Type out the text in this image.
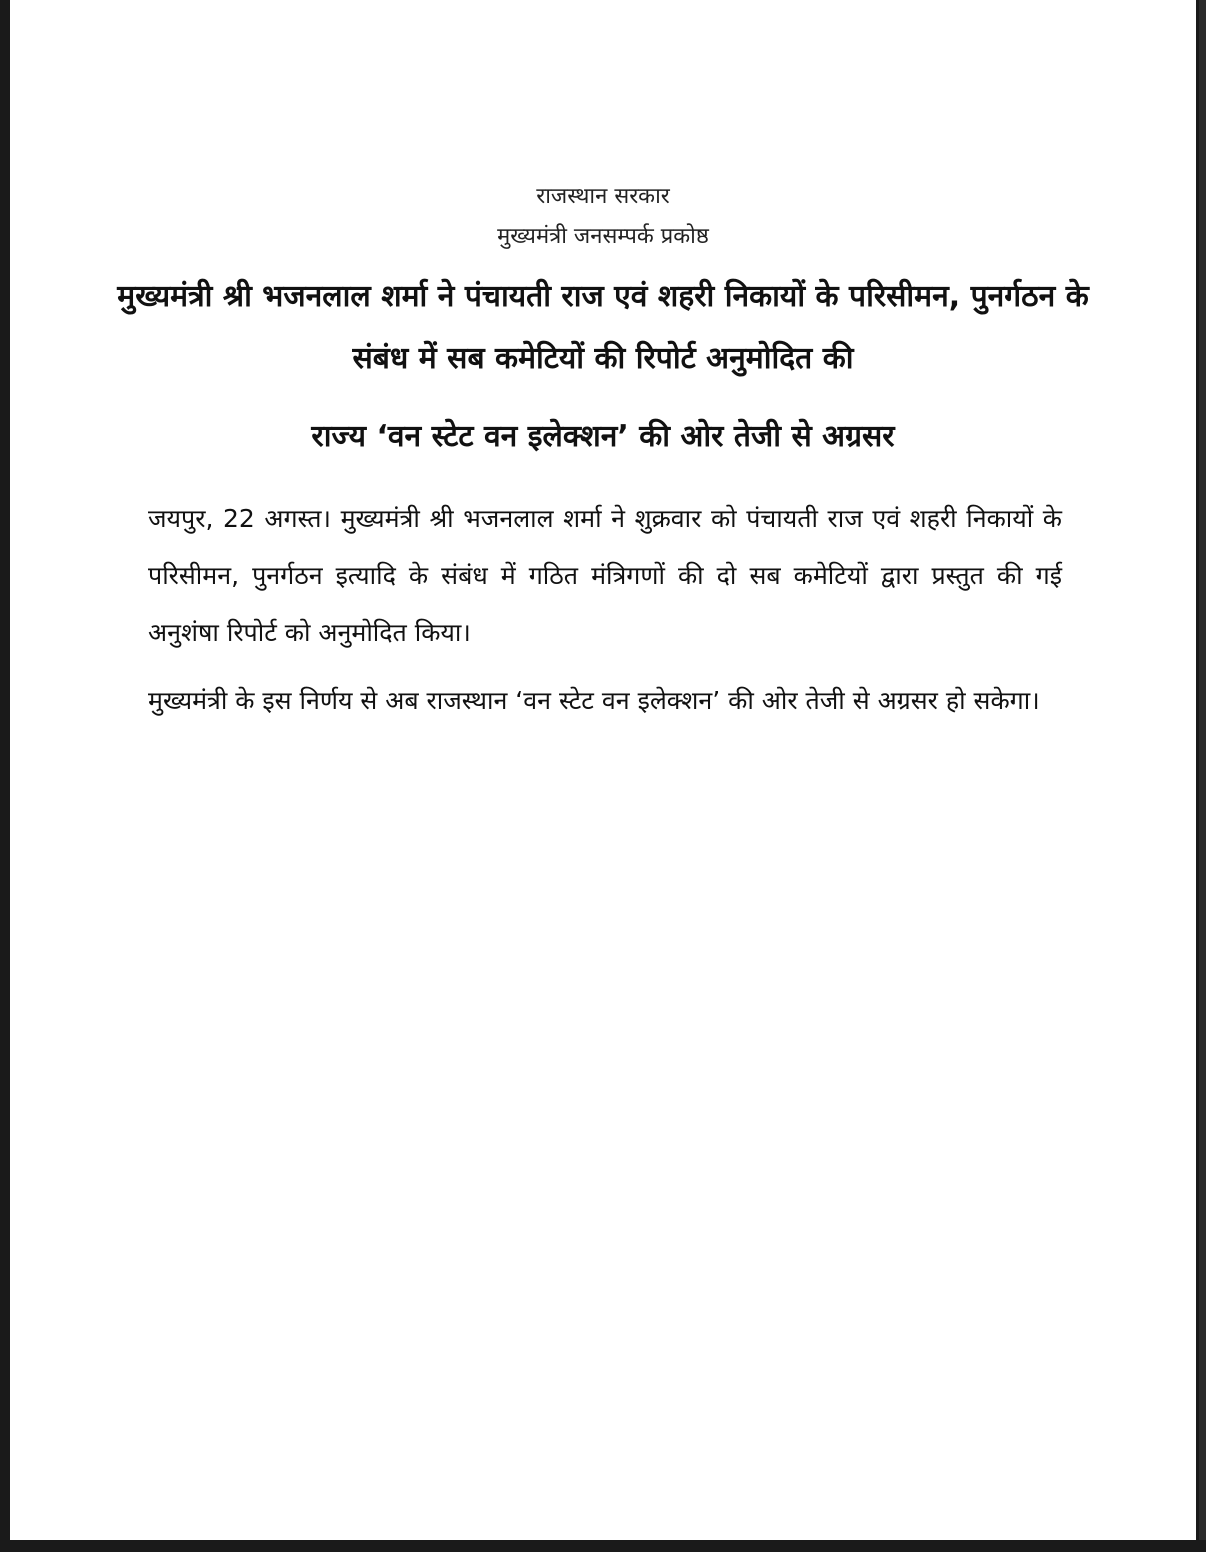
राजस्थान सरकार
मुख्यमंत्री जनसम्पर्क प्रकोष्ठ
मुख्यमंत्री श्री भजनलाल शर्मा ने पंचायती राज एवं शहरी निकायों के परिसीमन, पुनर्गठन के संबंध में सब कमेटियों की रिपोर्ट अनुमोदित की
राज्य ‘वन स्टेट वन इलेक्शन’ की ओर तेजी से अग्रसर
जयपुर, 22 अगस्त। मुख्यमंत्री श्री भजनलाल शर्मा ने शुक्रवार को पंचायती राज एवं शहरी निकायों के परिसीमन, पुनर्गठन इत्यादि के संबंध में गठित मंत्रिगणों की दो सब कमेटियों द्वारा प्रस्तुत की गई अनुशंषा रिपोर्ट को अनुमोदित किया।
मुख्यमंत्री के इस निर्णय से अब राजस्थान ‘वन स्टेट वन इलेक्शन’ की ओर तेजी से अग्रसर हो सकेगा।
